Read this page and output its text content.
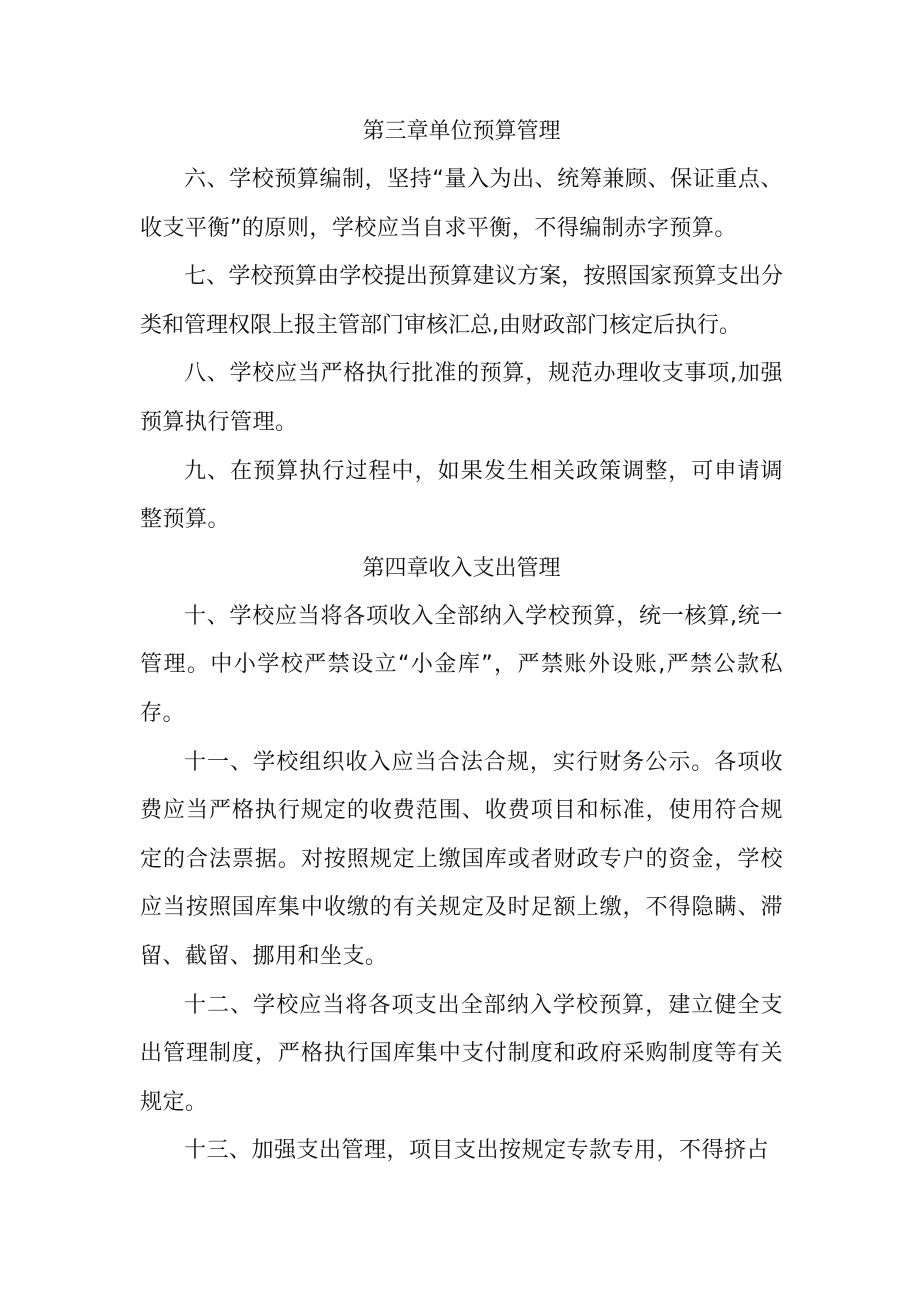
第三章单位预算管理

六、学校预算编制，坚持“量入为出、统筹兼顾、保证重点、收支平衡”的原则，学校应当自求平衡，不得编制赤字预算。

七、学校预算由学校提出预算建议方案，按照国家预算支出分类和管理权限上报主管部门审核汇总,由财政部门核定后执行。

八、学校应当严格执行批准的预算，规范办理收支事项,加强预算执行管理。

九、在预算执行过程中，如果发生相关政策调整，可申请调整预算。

第四章收入支出管理

十、学校应当将各项收入全部纳入学校预算，统一核算,统一管理。中小学校严禁设立“小金库”，严禁账外设账,严禁公款私存。

十一、学校组织收入应当合法合规，实行财务公示。各项收费应当严格执行规定的收费范围、收费项目和标准，使用符合规定的合法票据。对按照规定上缴国库或者财政专户的资金，学校应当按照国库集中收缴的有关规定及时足额上缴，不得隐瞒、滞留、截留、挪用和坐支。

十二、学校应当将各项支出全部纳入学校预算，建立健全支出管理制度，严格执行国库集中支付制度和政府采购制度等有关规定。

十三、加强支出管理，项目支出按规定专款专用，不得挤占
